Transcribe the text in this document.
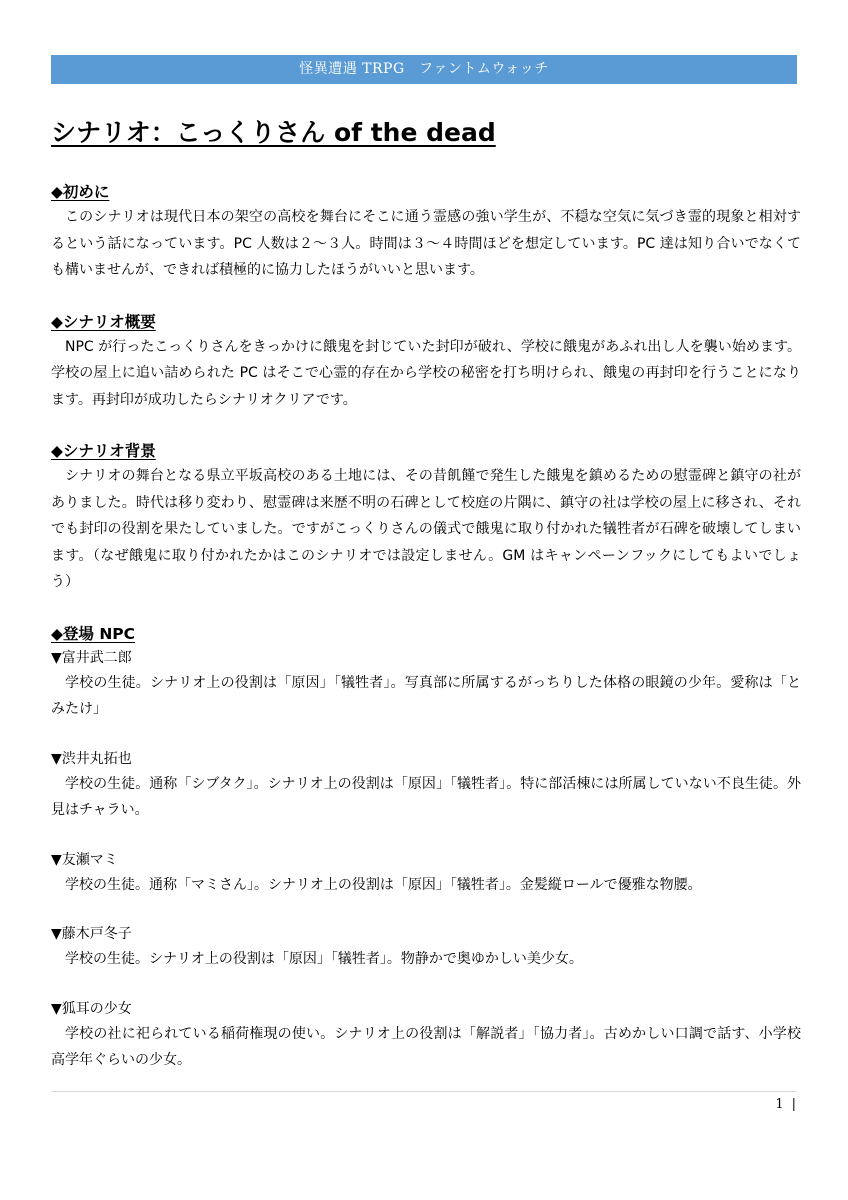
怪異遭遇 TRPG　ファントムウォッチ
シナリオ：こっくりさん of the dead
◆初めに

このシナリオは現代日本の架空の高校を舞台にそこに通う霊感の強い学生が、不穏な空気に気づき霊的現象と相対するという話になっています。PC 人数は２～３人。時間は３～４時間ほどを想定しています。PC 達は知り合いでなくても構いませんが、できれば積極的に協力したほうがいいと思います。

◆シナリオ概要

NPC が行ったこっくりさんをきっかけに餓鬼を封じていた封印が破れ、学校に餓鬼があふれ出し人を襲い始めます。学校の屋上に追い詰められた PC はそこで心霊的存在から学校の秘密を打ち明けられ、餓鬼の再封印を行うことになります。再封印が成功したらシナリオクリアです。

◆シナリオ背景

シナリオの舞台となる県立平坂高校のある土地には、その昔飢饉で発生した餓鬼を鎮めるための慰霊碑と鎮守の社がありました。時代は移り変わり、慰霊碑は来歴不明の石碑として校庭の片隅に、鎮守の社は学校の屋上に移され、それでも封印の役割を果たしていました。ですがこっくりさんの儀式で餓鬼に取り付かれた犠牲者が石碑を破壊してしまいます。（なぜ餓鬼に取り付かれたかはこのシナリオでは設定しません。GM はキャンペーンフックにしてもよいでしょう）

◆登場 NPC

▼富井武二郎

学校の生徒。シナリオ上の役割は「原因」「犠牲者」。写真部に所属するがっちりした体格の眼鏡の少年。愛称は「とみたけ」

▼渋井丸拓也

学校の生徒。通称「シブタク」。シナリオ上の役割は「原因」「犠牲者」。特に部活棟には所属していない不良生徒。外見はチャラい。

▼友瀬マミ

学校の生徒。通称「マミさん」。シナリオ上の役割は「原因」「犠牲者」。金髪縦ロールで優雅な物腰。

▼藤木戸冬子

学校の生徒。シナリオ上の役割は「原因」「犠牲者」。物静かで奥ゆかしい美少女。

▼狐耳の少女

学校の社に祀られている稲荷権現の使い。シナリオ上の役割は「解説者」「協力者」。古めかしい口調で話す、小学校高学年ぐらいの少女。

1 |
